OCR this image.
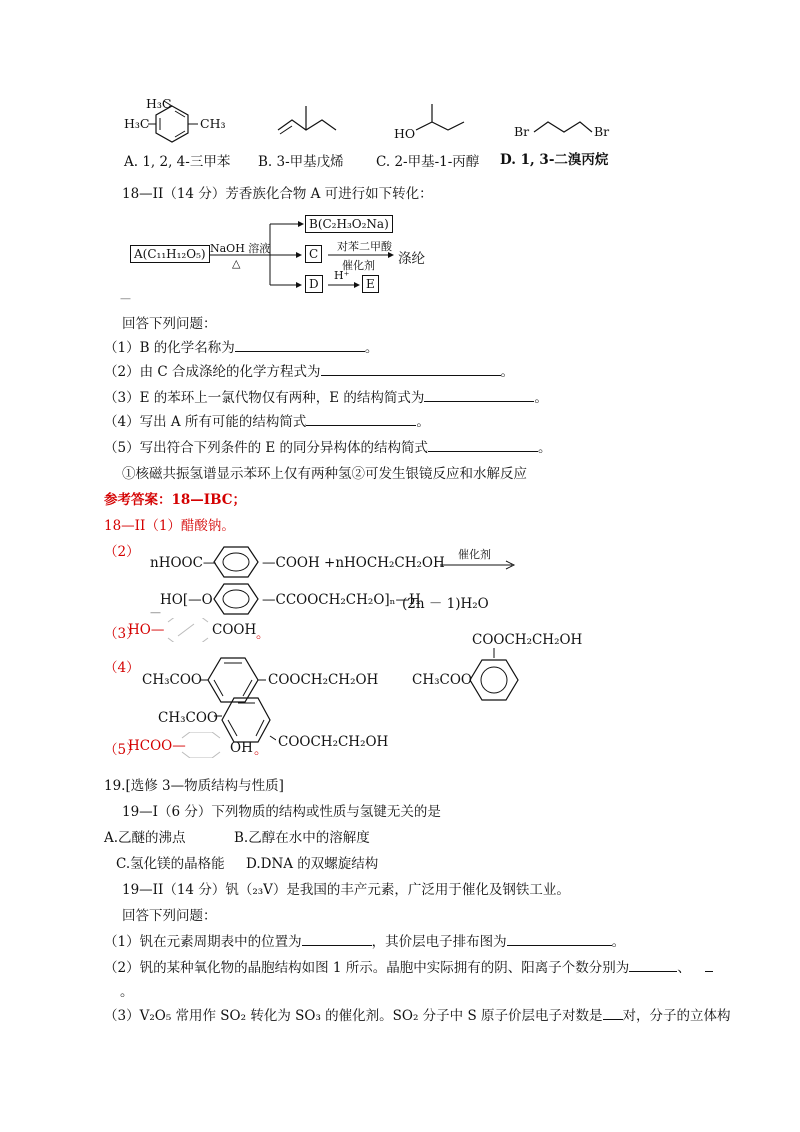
H₃C
H₃C	CH₃
HO	Br	Br
A. 1, 2, 4-三甲苯 B. 3-甲基戊烯 C. 2-甲基-1-丙醇 D. 1, 3-二溴丙烷
18—II（14 分）芳香族化合物 A 可进行如下转化：
A(C₁₁H₁₂O₅) NaOH 溶液
△
B(C₂H₃O₂Na)
C
对苯二甲酸
催化剂 涤纶
D
H⁺
E
—
回答下列问题：
（1）B 的化学名称为	。
（2）由 C 合成涤纶的化学方程式为	。
（3）E 的苯环上一氯代物仅有两种，E 的结构简式为	。
（4）写出 A 所有可能的结构简式	。
（5）写出符合下列条件的 E 的同分异构体的结构简式	。
①核磁共振氢谱显示苯环上仅有两种氢②可发生银镜反应和水解反应
参考答案：18—IBC；
18—II（1）醋酸钠。
（2）
nHOOC—	—COOH +nHOCH₂CH₂OH
催化剂
HO[—O	—CCOOCH₂CH₂O]ₙ—H
(2n － 1)H₂O
—
（3）
HO—	COOH 。
（4）
CH₃COO	COOCH₂CH₂OH
COOCH₂CH₂OH
CH₃COO
CH₃COO
COOCH₂CH₂OH
（5）
HCOO—	OH 。
19.[选修 3—物质结构与性质]
19—I（6 分）下列物质的结构或性质与氢键无关的是
A.乙醚的沸点	B.乙醇在水中的溶解度
C.氢化镁的晶格能 D.DNA 的双螺旋结构
19—II（14 分）钒（₂₃V）是我国的丰产元素，广泛用于催化及钢铁工业。
回答下列问题：
（1）钒在元素周期表中的位置为	，其价层电子排布图为	。
（2）钒的某种氧化物的晶胞结构如图 1 所示。晶胞中实际拥有的阴、阳离子个数分别为	、
。
（3）V₂O₅ 常用作 SO₂ 转化为 SO₃ 的催化剂。SO₂ 分子中 S 原子价层电子对数是 对，分子的立体构
